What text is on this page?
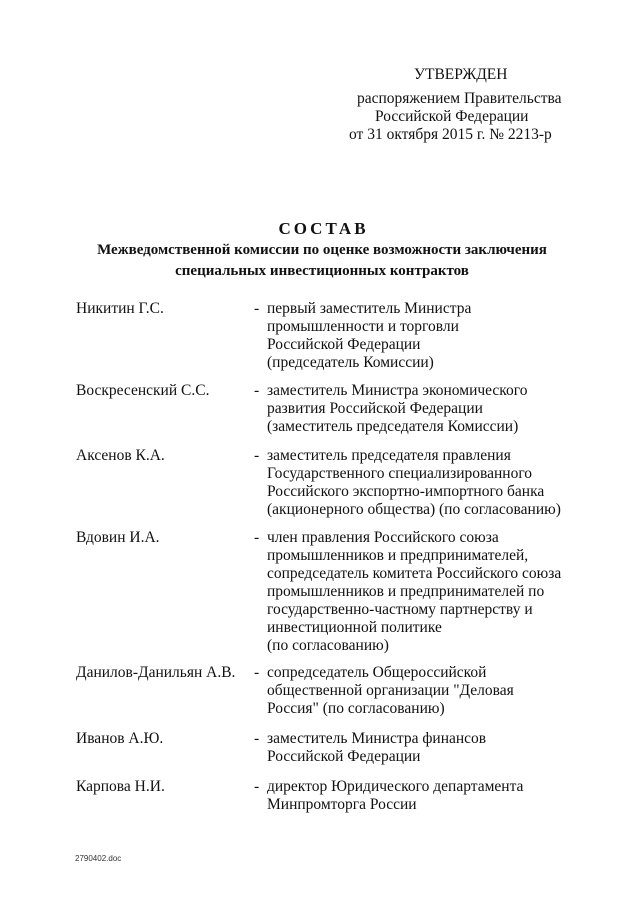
УТВЕРЖДЕН
распоряжением Правительства
Российской Федерации
от 31 октября 2015 г. № 2213-р
СОСТАВ
Межведомственной комиссии по оценке возможности заключения
специальных инвестиционных контрактов
Никитин Г.С.	- первый заместитель Министра
промышленности и торговли
Российской Федерации
(председатель Комиссии)
Воскресенский С.С.	- заместитель Министра экономического
развития Российской Федерации
(заместитель председателя Комиссии)
Аксенов К.А.	- заместитель председателя правления
Государственного специализированного
Российского экспортно-импортного банка
(акционерного общества) (по согласованию)
Вдовин И.А.	- член правления Российского союза
промышленников и предпринимателей,
сопредседатель комитета Российского союза
промышленников и предпринимателей по
государственно-частному партнерству и
инвестиционной политике
(по согласованию)
Данилов-Данильян А.В. - сопредседатель Общероссийской
общественной организации "Деловая
Россия" (по согласованию)
Иванов А.Ю.	- заместитель Министра финансов
Российской Федерации
Карпова Н.И.	- директор Юридического департамента
Минпромторга России
2790402.doc
